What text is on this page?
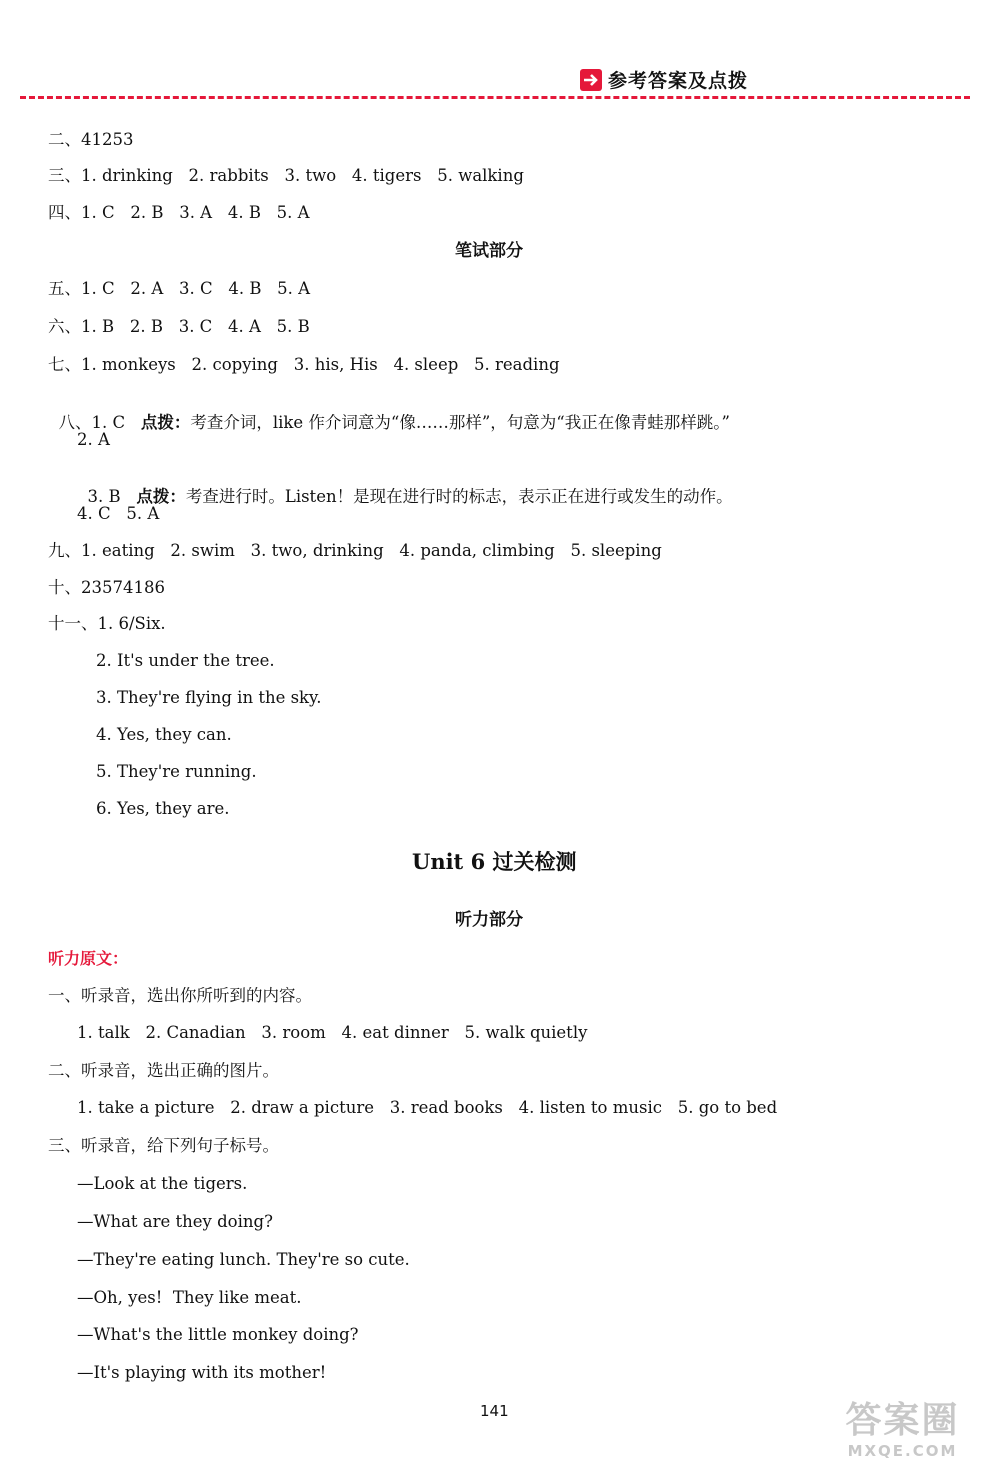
参考答案及点拨
二、41253
三、1. drinking   2. rabbits   3. two   4. tigers   5. walking
四、1. C   2. B   3. A   4. B   5. A
笔试部分
五、1. C   2. A   3. C   4. B   5. A
六、1. B   2. B   3. C   4. A   5. B
七、1. monkeys   2. copying   3. his, His   4. sleep   5. reading

八、1. C   点拨：考查介词，like 作介词意为“像……那样”，句意为“我正在像青蛙那样跳。”

2. A

3. B   点拨：考查进行时。Listen！是现在进行时的标志，表示正在进行或发生的动作。

4. C   5. A
九、1. eating   2. swim   3. two, drinking   4. panda, climbing   5. sleeping
十、23574186
十一、1. 6/Six.
2. It's under the tree.
3. They're flying in the sky.
4. Yes, they can.
5. They're running.
6. Yes, they are.
Unit 6 过关检测
听力部分
听力原文：
一、听录音，选出你所听到的内容。
1. talk   2. Canadian   3. room   4. eat dinner   5. walk quietly
二、听录音，选出正确的图片。
1. take a picture   2. draw a picture   3. read books   4. listen to music   5. go to bed
三、听录音，给下列句子标号。
—Look at the tigers.
—What are they doing?
—They're eating lunch. They're so cute.
—Oh, yes!  They like meat.
—What's the little monkey doing?
—It's playing with its mother!
141	答案圈
MXQE.COM
